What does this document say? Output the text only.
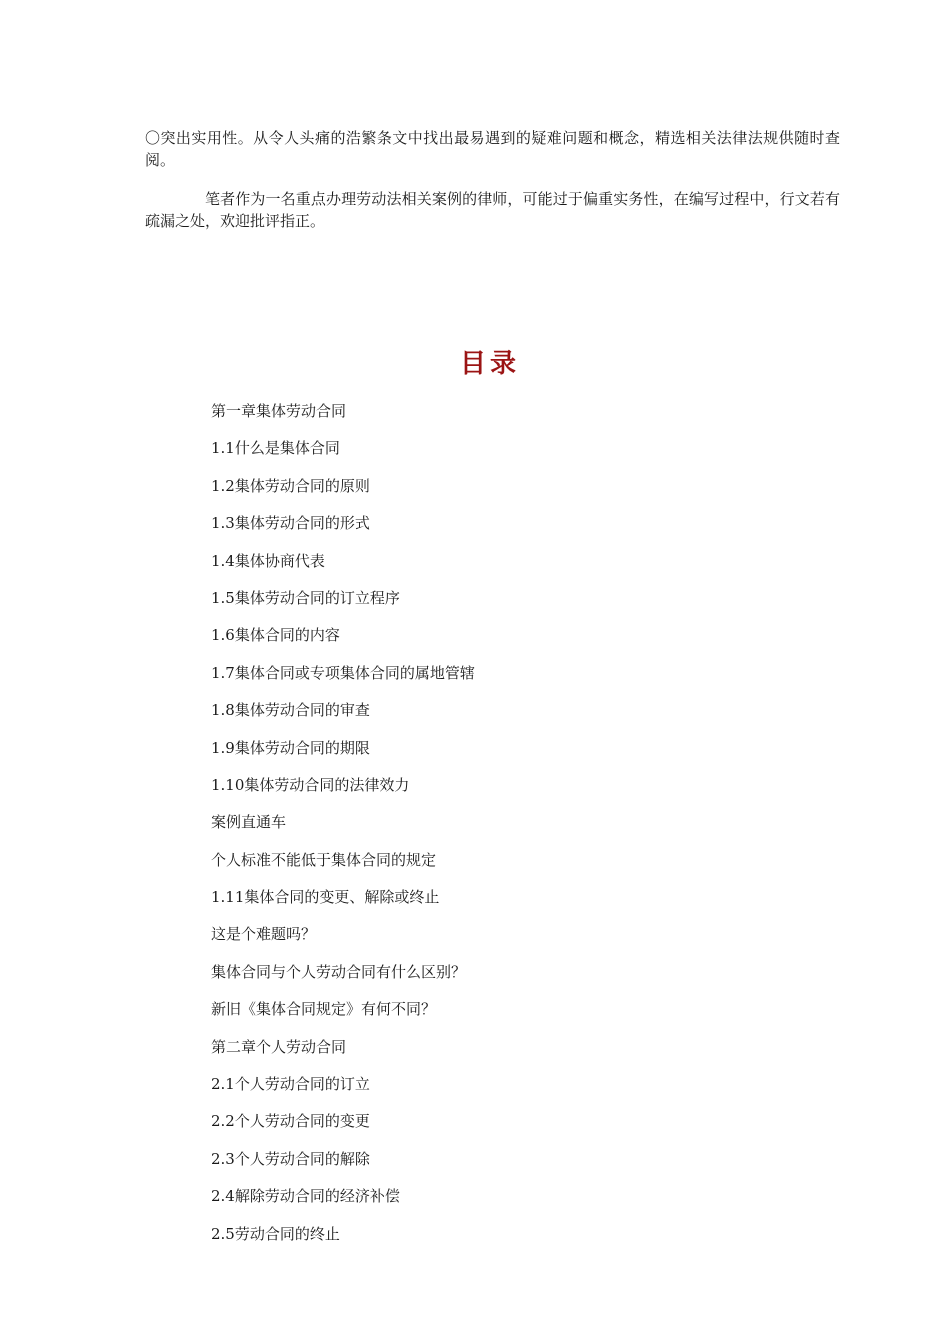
〇突出实用性。从令人头痛的浩繁条文中找出最易遇到的疑难问题和概念，精选相关法律法规供随时查阅。

笔者作为一名重点办理劳动法相关案例的律师，可能过于偏重实务性，在编写过程中，行文若有疏漏之处，欢迎批评指正。

目录
第一章集体劳动合同
1.1什么是集体合同
1.2集体劳动合同的原则
1.3集体劳动合同的形式
1.4集体协商代表
1.5集体劳动合同的订立程序
1.6集体合同的内容
1.7集体合同或专项集体合同的属地管辖
1.8集体劳动合同的审查
1.9集体劳动合同的期限
1.10集体劳动合同的法律效力
案例直通车
个人标准不能低于集体合同的规定
1.11集体合同的变更、解除或终止
这是个难题吗？
集体合同与个人劳动合同有什么区别？
新旧《集体合同规定》有何不同？
第二章个人劳动合同
2.1个人劳动合同的订立
2.2个人劳动合同的变更
2.3个人劳动合同的解除
2.4解除劳动合同的经济补偿
2.5劳动合同的终止
